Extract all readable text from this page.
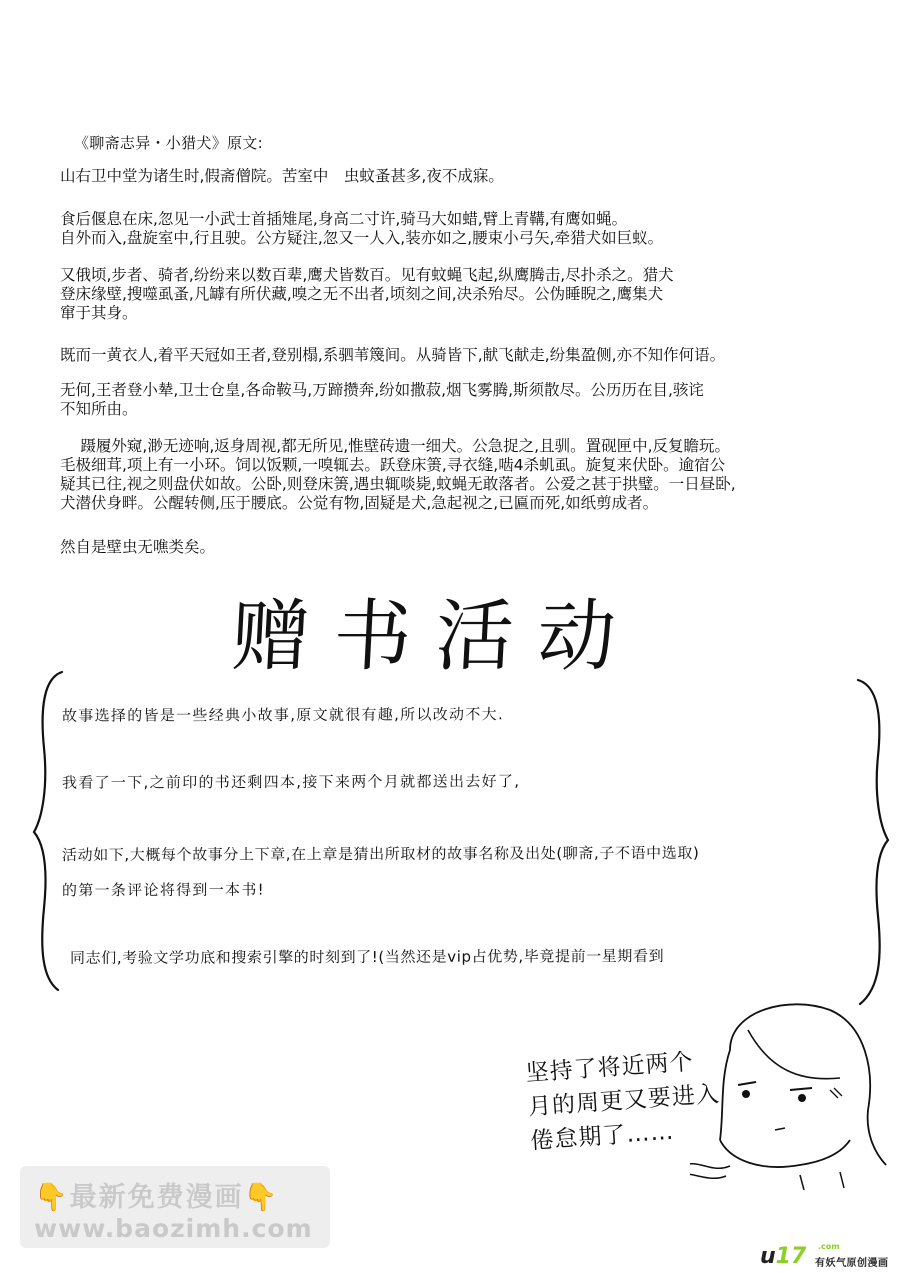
《聊斋志异・小猎犬》原文:
山右卫中堂为诸生时,假斋僧院。苦室中　虫蚊蚤甚多,夜不成寐。
食后偃息在床,忽见一小武士首插雉尾,身高二寸许,骑马大如蜡,臂上青鞲,有鹰如蝇。
自外而入,盘旋室中,行且驶。公方疑注,忽又一人入,装亦如之,腰束小弓矢,牵猎犬如巨蚁。
又俄顷,步者、骑者,纷纷来以数百辈,鹰犬皆数百。见有蚊蝇飞起,纵鹰腾击,尽扑杀之。猎犬
登床缘壁,搜噬虱蚤,凡罅有所伏藏,嗅之无不出者,顷刻之间,决杀殆尽。公伪睡睨之,鹰集犬
窜于其身。
既而一黄衣人,着平天冠如王者,登别榻,系驷苇篾间。从骑皆下,献飞献走,纷集盈侧,亦不知作何语。
无何,王者登小辇,卫士仓皇,各命鞍马,万蹄攒奔,纷如撒菽,烟飞雾腾,斯须散尽。公历历在目,骇诧
不知所由。
　 蹑履外窥,渺无迹响,返身周视,都无所见,惟壁砖遗一细犬。公急捉之,且驯。置砚匣中,反复瞻玩。
毛极细茸,项上有一小环。饲以饭颗,一嗅辄去。跃登床箦,寻衣缝,啮4杀虮虱。旋复来伏卧。逾宿公
疑其已往,视之则盘伏如故。公卧,则登床箦,遇虫辄啖毙,蚊蝇无敢落者。公爱之甚于拱璧。一日昼卧,
犬潜伏身畔。公醒转侧,压于腰底。公觉有物,固疑是犬,急起视之,已匾而死,如纸剪成者。
然自是壁虫无噍类矣。
赠书活动
故事选择的皆是一些经典小故事,原文就很有趣,所以改动不大.
我看了一下,之前印的书还剩四本,接下来两个月就都送出去好了,
活动如下,大概每个故事分上下章,在上章是猜出所取材的故事名称及出处(聊斋,子不语中选取)
的第一条评论将得到一本书!
同志们,考验文学功底和搜索引擎的时刻到了!(当然还是vip占优势,毕竟提前一星期看到
坚持了将近两个
月的周更又要进入
倦怠期了……
👇最新免费漫画👇
www.baozimh.com
u17 .com
有妖气原创漫画
